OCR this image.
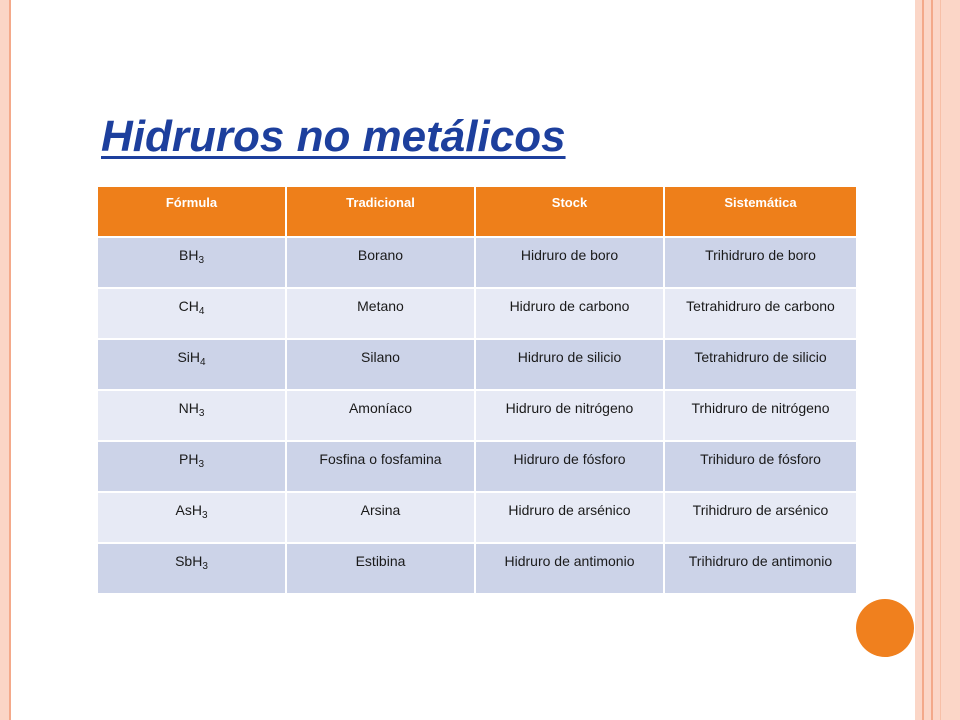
Hidruros no metálicos
Fórmula	Tradicional	Stock	Sistemática
$BH_3$	Borano	Hidruro de boro	Trihidruro de boro
$CH_4$	Metano	Hidruro de carbono	Tetrahidruro de carbono
SiH$_4$	Silano	Hidruro de silicio	Tetrahidruro de silicio
$NH_3$	Amoníaco	Hidruro de nitrógeno	Trhidruro de nitrógeno
$PH_3$	Fosfina o fosfamina	Hidruro de fósforo	Trihiduro de fósforo
AsH$_3$	Arsina	Hidruro de arsénico	Trihidruro de arsénico
SbH$_3$	Estibina	Hidruro de antimonio	Trihidruro de antimonio
